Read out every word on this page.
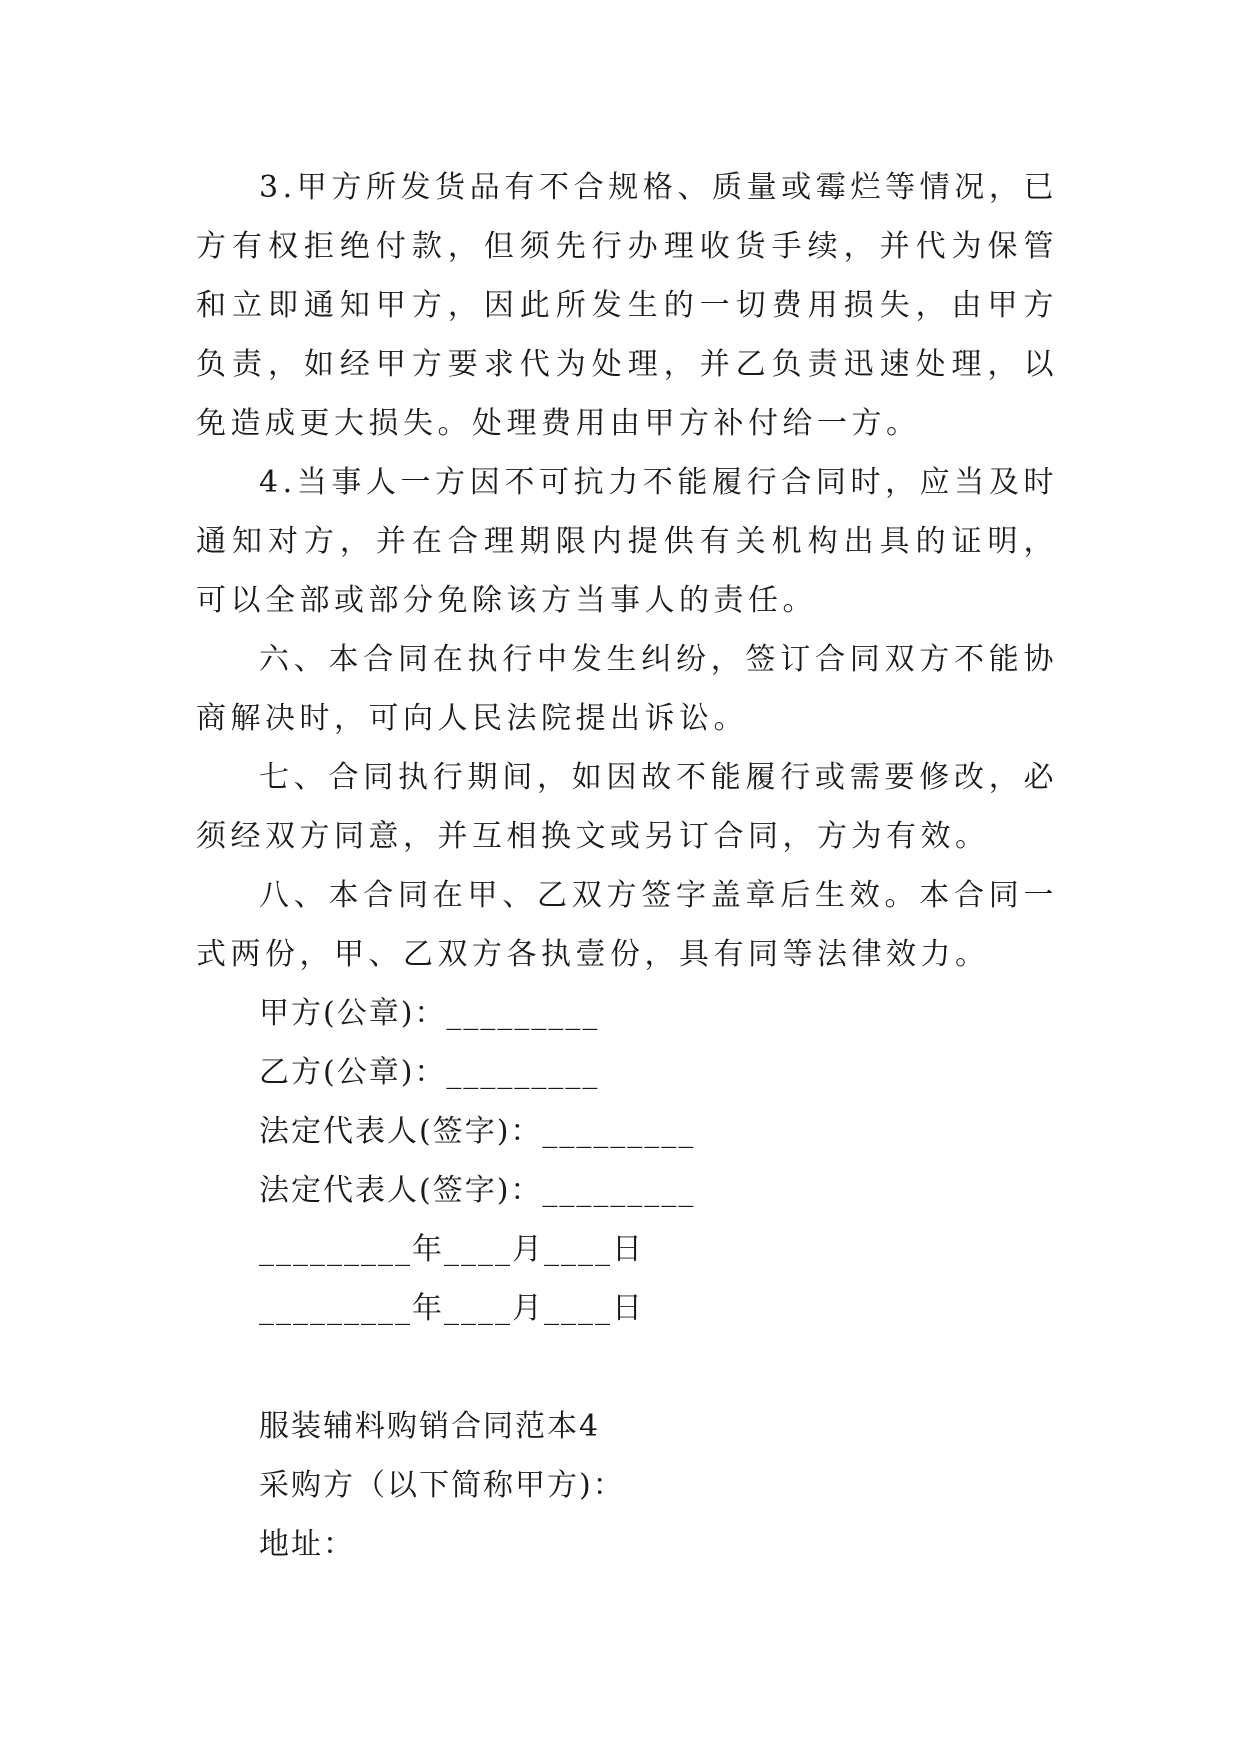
3.甲方所发货品有不合规格、质量或霉烂等情况，已方有权拒绝付款，但须先行办理收货手续，并代为保管和立即通知甲方，因此所发生的一切费用损失，由甲方负责，如经甲方要求代为处理，并乙负责迅速处理，以免造成更大损失。处理费用由甲方补付给一方。

4.当事人一方因不可抗力不能履行合同时，应当及时通知对方，并在合理期限内提供有关机构出具的证明，可以全部或部分免除该方当事人的责任。

六、本合同在执行中发生纠纷，签订合同双方不能协商解决时，可向人民法院提出诉讼。

七、合同执行期间，如因故不能履行或需要修改，必须经双方同意，并互相换文或另订合同，方为有效。

八、本合同在甲、乙双方签字盖章后生效。本合同一式两份，甲、乙双方各执壹份，具有同等法律效力。

甲方(公章)：_________

乙方(公章)：_________

法定代表人(签字)：_________

法定代表人(签字)：_________

_________年____月____日

_________年____月____日

服装辅料购销合同范本4

采购方（以下简称甲方)：

地址：
